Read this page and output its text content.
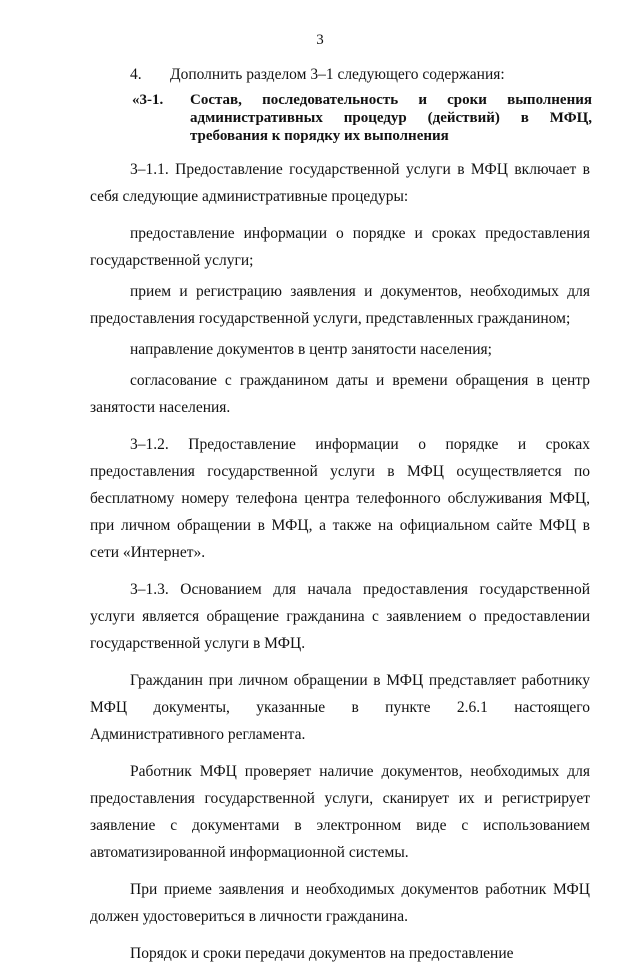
3
4. Дополнить разделом 3–1 следующего содержания:
«3-1. Состав, последовательность и сроки выполнения административных процедур (действий) в МФЦ, требования к порядку их выполнения

3–1.1. Предоставление государственной услуги в МФЦ включает в себя следующие административные процедуры:

предоставление информации о порядке и сроках предоставления государственной услуги;

прием и регистрацию заявления и документов, необходимых для предоставления государственной услуги, представленных гражданином;

направление документов в центр занятости населения;

согласование с гражданином даты и времени обращения в центр занятости населения.

3–1.2. Предоставление информации о порядке и сроках предоставления государственной услуги в МФЦ осуществляется по бесплатному номеру телефона центра телефонного обслуживания МФЦ, при личном обращении в МФЦ, а также на официальном сайте МФЦ в сети «Интернет».

3–1.3. Основанием для начала предоставления государственной услуги является обращение гражданина с заявлением о предоставлении государственной услуги в МФЦ.

Гражданин при личном обращении в МФЦ представляет работнику МФЦ документы, указанные в пункте 2.6.1 настоящего Административного регламента.

Работник МФЦ проверяет наличие документов, необходимых для предоставления государственной услуги, сканирует их и регистрирует заявление с документами в электронном виде с использованием автоматизированной информационной системы.

При приеме заявления и необходимых документов работник МФЦ должен удостовериться в личности гражданина.

Порядок и сроки передачи документов на предоставление
